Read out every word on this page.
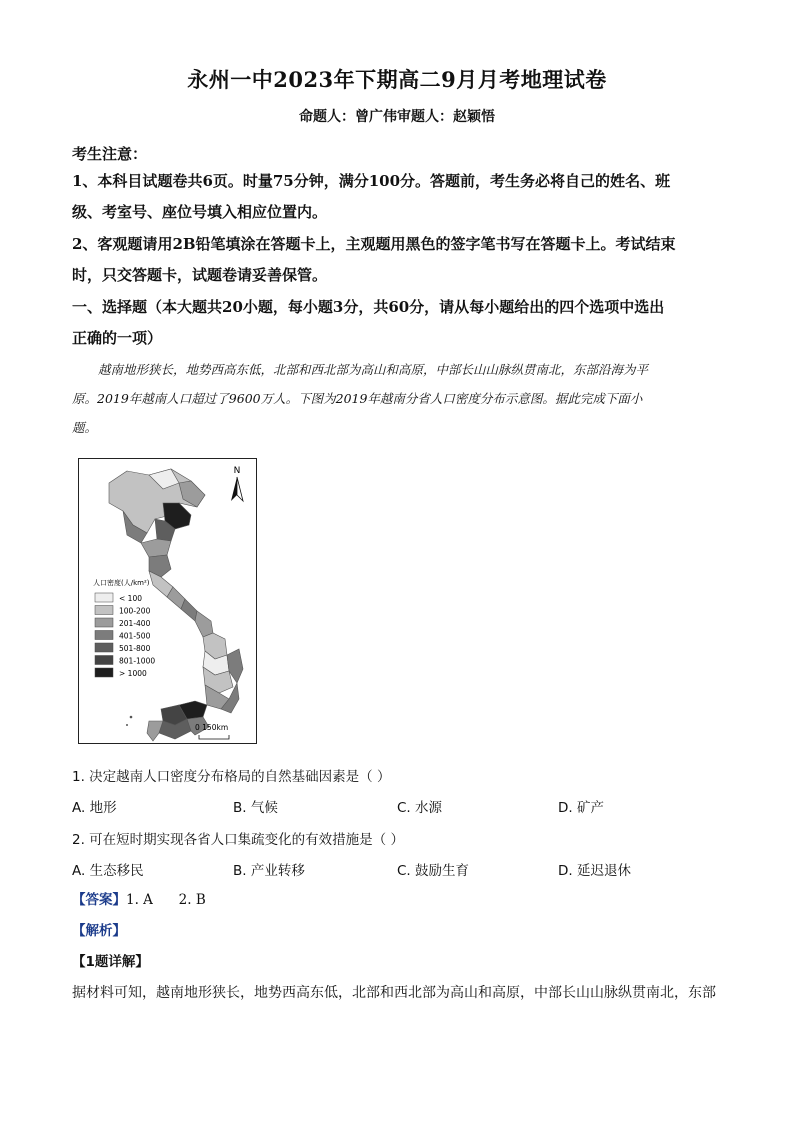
永州一中2023年下期高二9月月考地理试卷
命题人：曾广伟审题人：赵颖悟
考生注意：
1、本科目试题卷共6页。时量75分钟，满分100分。答题前，考生务必将自己的姓名、班
级、考室号、座位号填入相应位置内。
2、客观题请用2B铅笔填涂在答题卡上，主观题用黑色的签字笔书写在答题卡上。考试结束
时，只交答题卡，试题卷请妥善保管。
一、选择题（本大题共20小题，每小题3分，共60分，请从每小题给出的四个选项中选出
正确的一项）
越南地形狭长，地势西高东低，北部和西北部为高山和高原，中部长山山脉纵贯南北，东部沿海为平
原。2019年越南人口超过了9600万人。下图为2019年越南分省人口密度分布示意图。据此完成下面小
题。
N
人口密度(人/km²)
< 100
100-200
201-400
401-500
501-800
801-1000
> 1000
0 150km
1. 决定越南人口密度分布格局的自然基础因素是（ ）
A. 地形	B. 气候	C. 水源	D. 矿产
2. 可在短时期实现各省人口集疏变化的有效措施是（ ）
A. 生态移民	B. 产业转移	C. 鼓励生育	D. 延迟退休
【答案】1. A      2. B
【解析】
【1题详解】
据材料可知，越南地形狭长，地势西高东低，北部和西北部为高山和高原，中部长山山脉纵贯南北，东部
